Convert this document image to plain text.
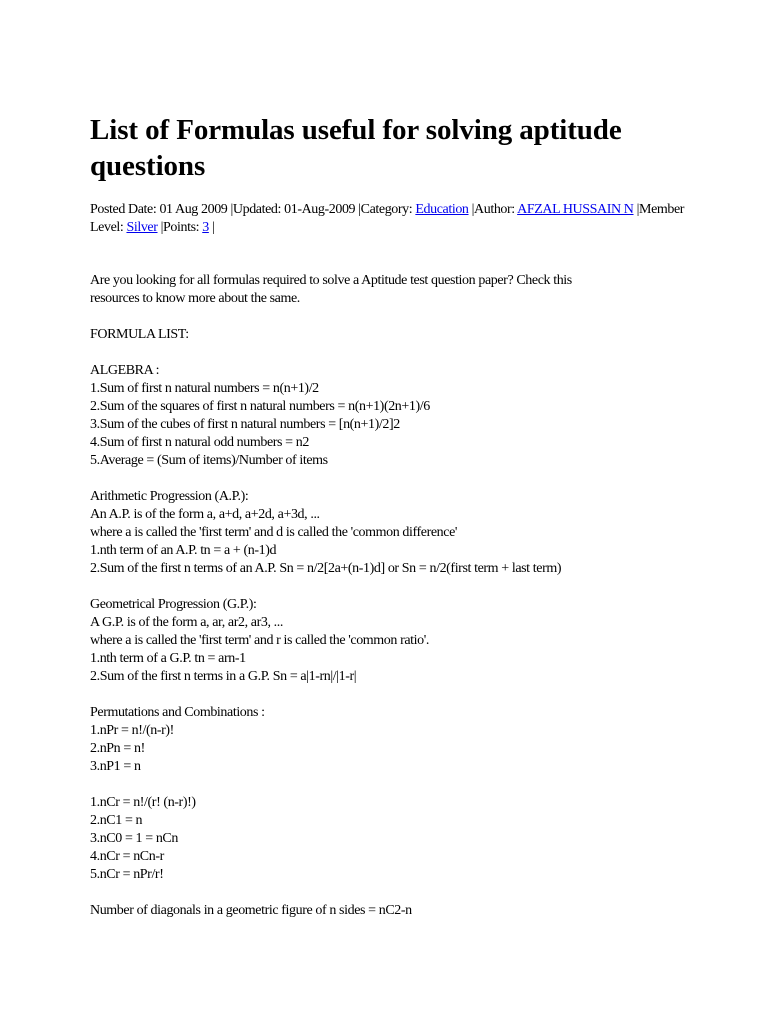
List of Formulas useful for solving aptitude questions
Posted Date: 01 Aug 2009 |Updated: 01-Aug-2009 |Category: Education |Author: AFZAL HUSSAIN N |Member Level: Silver |Points: 3 |
Are you looking for all formulas required to solve a Aptitude test question paper? Check this
resources to know more about the same.
FORMULA LIST:
ALGEBRA :
1.Sum of first n natural numbers = n(n+1)/2
2.Sum of the squares of first n natural numbers = n(n+1)(2n+1)/6
3.Sum of the cubes of first n natural numbers = [n(n+1)/2]2
4.Sum of first n natural odd numbers = n2
5.Average = (Sum of items)/Number of items
Arithmetic Progression (A.P.):
An A.P. is of the form a, a+d, a+2d, a+3d, ...
where a is called the 'first term' and d is called the 'common difference'
1.nth term of an A.P. tn = a + (n-1)d
2.Sum of the first n terms of an A.P. Sn = n/2[2a+(n-1)d] or Sn = n/2(first term + last term)
Geometrical Progression (G.P.):
A G.P. is of the form a, ar, ar2, ar3, ...
where a is called the 'first term' and r is called the 'common ratio'.
1.nth term of a G.P. tn = arn-1
2.Sum of the first n terms in a G.P. Sn = a|1-rn|/|1-r|
Permutations and Combinations :
1.nPr = n!/(n-r)!
2.nPn = n!
3.nP1 = n
1.nCr = n!/(r! (n-r)!)
2.nC1 = n
3.nC0 = 1 = nCn
4.nCr = nCn-r
5.nCr = nPr/r!
Number of diagonals in a geometric figure of n sides = nC2-n
